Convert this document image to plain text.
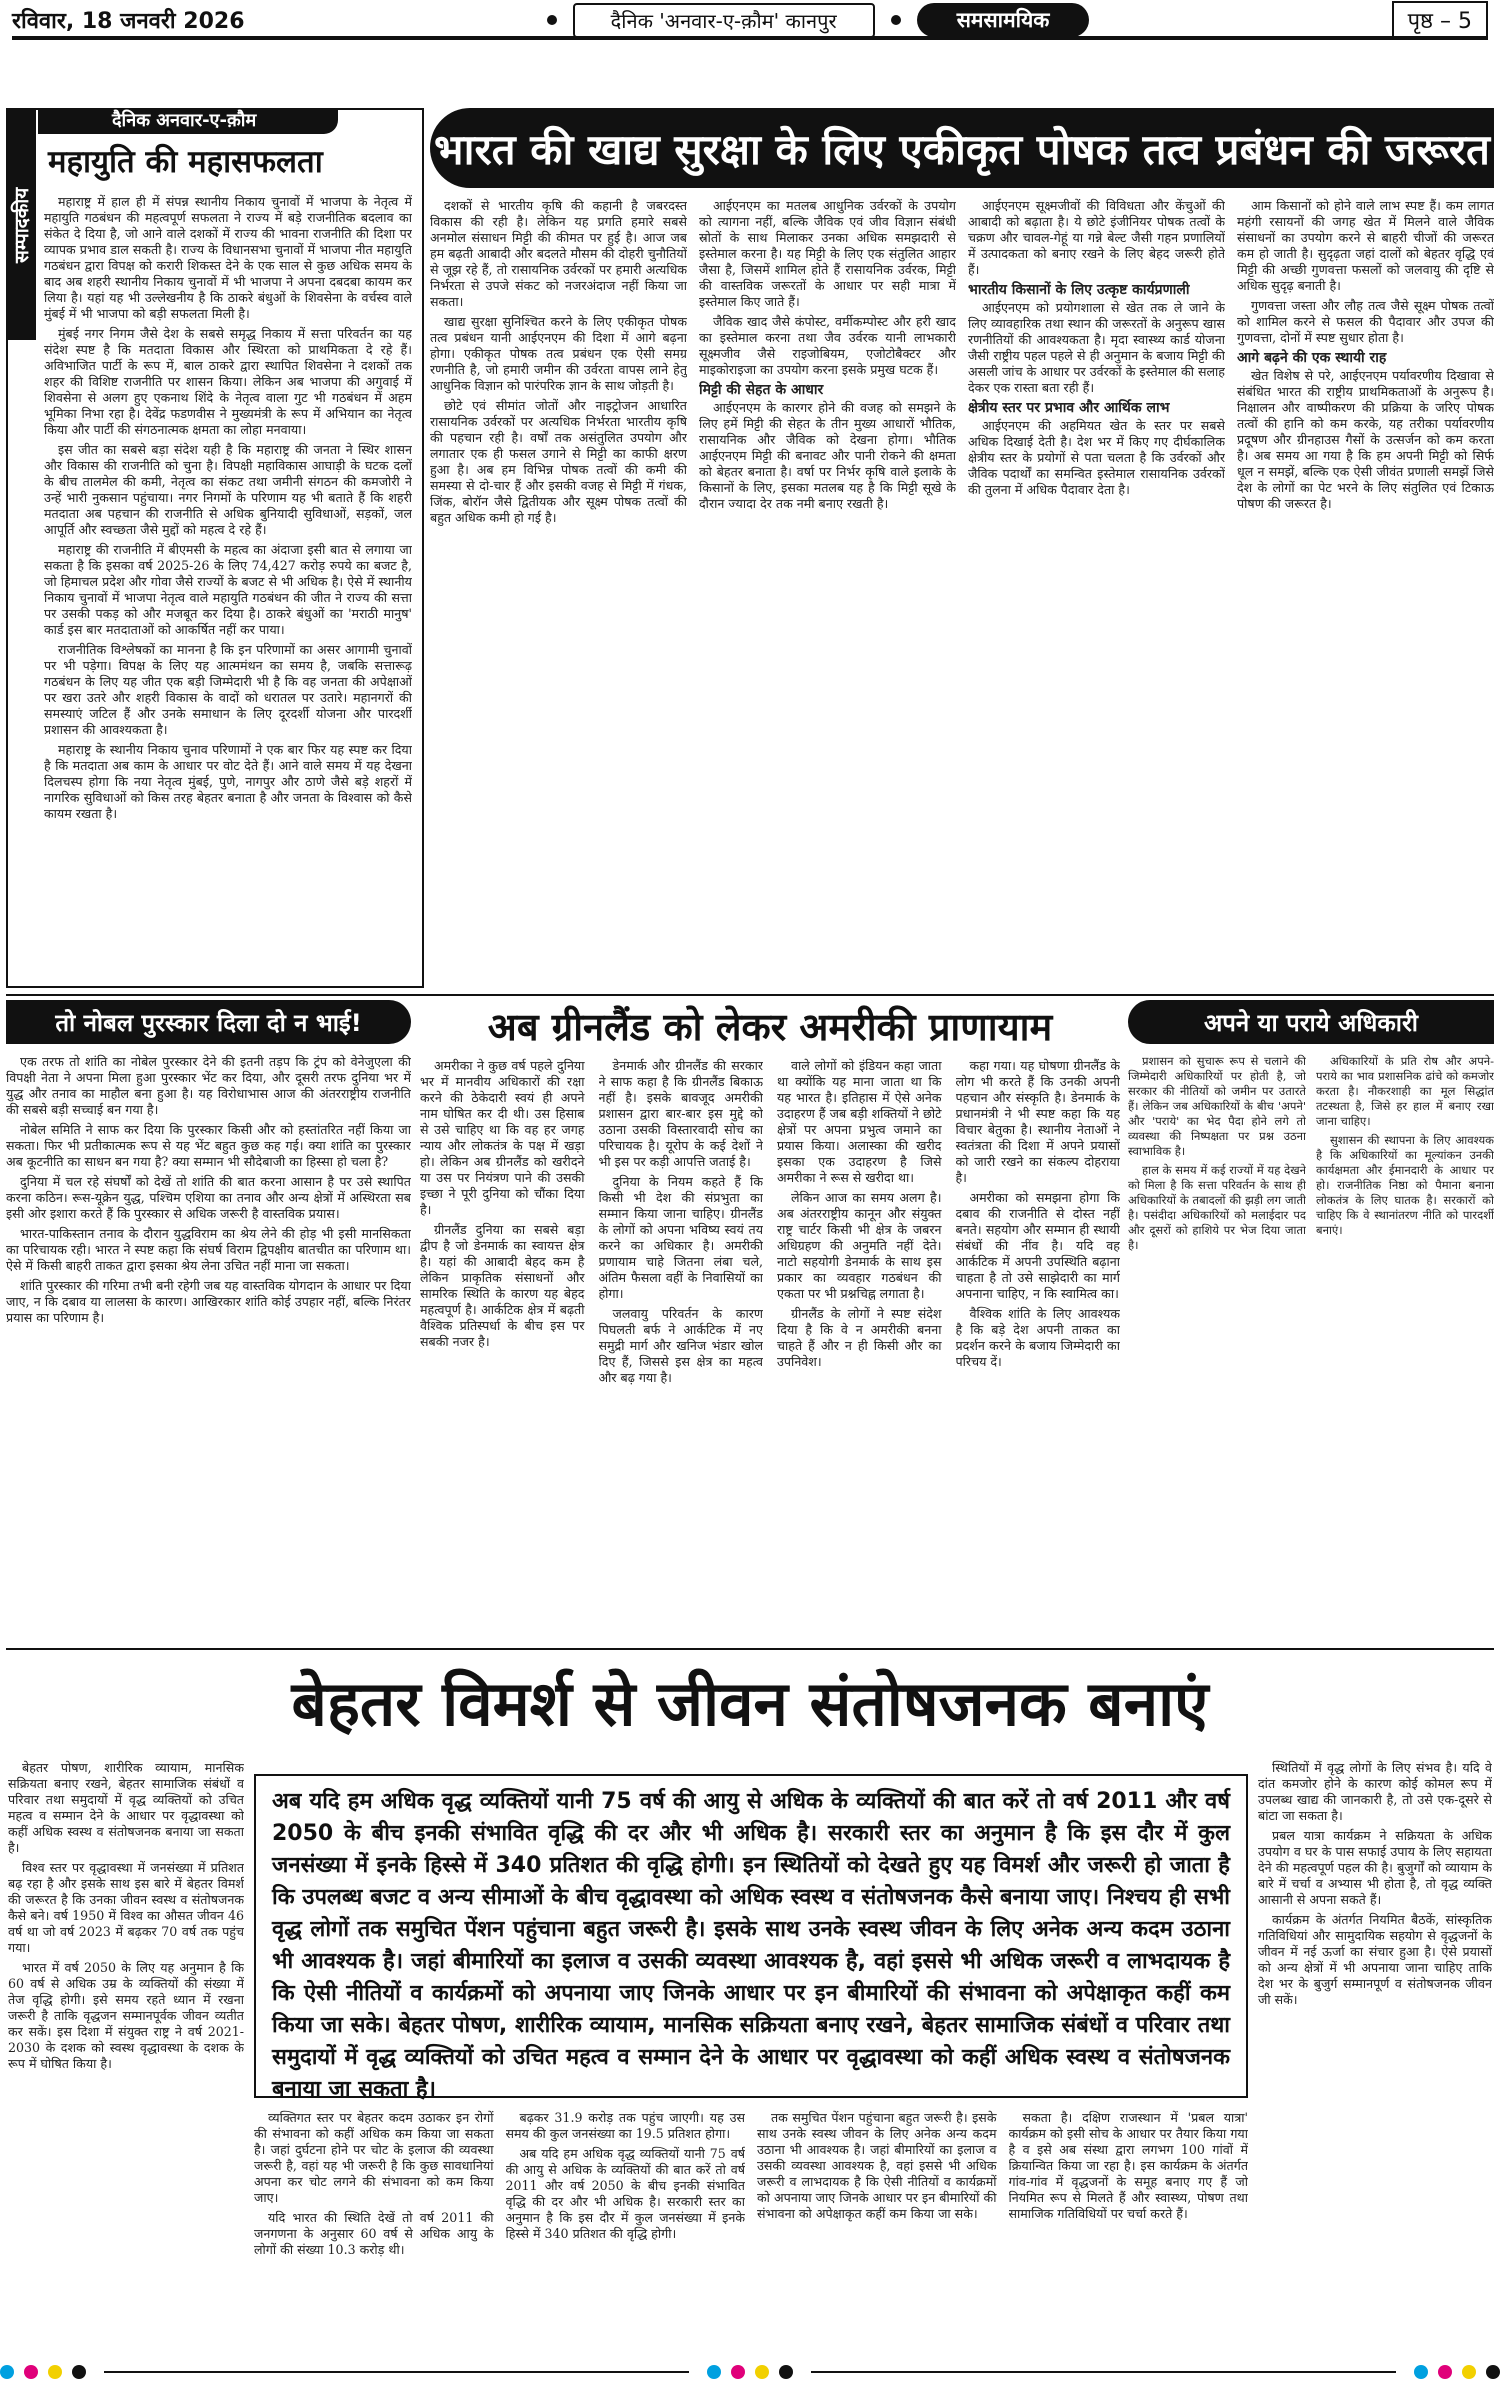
रविवार, 18 जनवरी 2026	दैनिक 'अनवार-ए-क़ौम' कानपुर	समसामयिक	पृष्ठ – 5
सम्पादकीय
दैनिक अनवार-ए-क़ौम
महायुति की महासफलता

महाराष्ट्र में हाल ही में संपन्न स्थानीय निकाय चुनावों में भाजपा के नेतृत्व में महायुति गठबंधन की महत्वपूर्ण सफलता ने राज्य में बड़े राजनीतिक बदलाव का संकेत दे दिया है, जो आने वाले दशकों में राज्य की भावना राजनीति की दिशा पर व्यापक प्रभाव डाल सकती है। राज्य के विधानसभा चुनावों में भाजपा नीत महायुति गठबंधन द्वारा विपक्ष को करारी शिकस्त देने के एक साल से कुछ अधिक समय के बाद अब शहरी स्थानीय निकाय चुनावों में भी भाजपा ने अपना दबदबा कायम कर लिया है। यहां यह भी उल्लेखनीय है कि ठाकरे बंधुओं के शिवसेना के वर्चस्व वाले मुंबई में भी भाजपा को बड़ी सफलता मिली है।

मुंबई नगर निगम जैसे देश के सबसे समृद्ध निकाय में सत्ता परिवर्तन का यह संदेश स्पष्ट है कि मतदाता विकास और स्थिरता को प्राथमिकता दे रहे हैं। अविभाजित पार्टी के रूप में, बाल ठाकरे द्वारा स्थापित शिवसेना ने दशकों तक शहर की विशिष्ट राजनीति पर शासन किया। लेकिन अब भाजपा की अगुवाई में शिवसेना से अलग हुए एकनाथ शिंदे के नेतृत्व वाला गुट भी गठबंधन में अहम भूमिका निभा रहा है। देवेंद्र फडणवीस ने मुख्यमंत्री के रूप में अभियान का नेतृत्व किया और पार्टी की संगठनात्मक क्षमता का लोहा मनवाया।

इस जीत का सबसे बड़ा संदेश यही है कि महाराष्ट्र की जनता ने स्थिर शासन और विकास की राजनीति को चुना है। विपक्षी महाविकास आघाड़ी के घटक दलों के बीच तालमेल की कमी, नेतृत्व का संकट तथा जमीनी संगठन की कमजोरी ने उन्हें भारी नुकसान पहुंचाया। नगर निगमों के परिणाम यह भी बताते हैं कि शहरी मतदाता अब पहचान की राजनीति से अधिक बुनियादी सुविधाओं, सड़कों, जल आपूर्ति और स्वच्छता जैसे मुद्दों को महत्व दे रहे हैं।

महाराष्ट्र की राजनीति में बीएमसी के महत्व का अंदाजा इसी बात से लगाया जा सकता है कि इसका वर्ष 2025-26 के लिए 74,427 करोड़ रुपये का बजट है, जो हिमाचल प्रदेश और गोवा जैसे राज्यों के बजट से भी अधिक है। ऐसे में स्थानीय निकाय चुनावों में भाजपा नेतृत्व वाले महायुति गठबंधन की जीत ने राज्य की सत्ता पर उसकी पकड़ को और मजबूत कर दिया है। ठाकरे बंधुओं का 'मराठी मानुष' कार्ड इस बार मतदाताओं को आकर्षित नहीं कर पाया।

राजनीतिक विश्लेषकों का मानना है कि इन परिणामों का असर आगामी चुनावों पर भी पड़ेगा। विपक्ष के लिए यह आत्ममंथन का समय है, जबकि सत्तारूढ़ गठबंधन के लिए यह जीत एक बड़ी जिम्मेदारी भी है कि वह जनता की अपेक्षाओं पर खरा उतरे और शहरी विकास के वादों को धरातल पर उतारे। महानगरों की समस्याएं जटिल हैं और उनके समाधान के लिए दूरदर्शी योजना और पारदर्शी प्रशासन की आवश्यकता है।

महाराष्ट्र के स्थानीय निकाय चुनाव परिणामों ने एक बार फिर यह स्पष्ट कर दिया है कि मतदाता अब काम के आधार पर वोट देते हैं। आने वाले समय में यह देखना दिलचस्प होगा कि नया नेतृत्व मुंबई, पुणे, नागपुर और ठाणे जैसे बड़े शहरों में नागरिक सुविधाओं को किस तरह बेहतर बनाता है और जनता के विश्वास को कैसे कायम रखता है।

भारत की खाद्य सुरक्षा के लिए एकीकृत पोषक तत्व प्रबंधन की जरूरत

दशकों से भारतीय कृषि की कहानी है जबरदस्त विकास की रही है। लेकिन यह प्रगति हमारे सबसे अनमोल संसाधन मिट्टी की कीमत पर हुई है। आज जब हम बढ़ती आबादी और बदलते मौसम की दोहरी चुनौतियों से जूझ रहे हैं, तो रासायनिक उर्वरकों पर हमारी अत्यधिक निर्भरता से उपजे संकट को नजरअंदाज नहीं किया जा सकता।

खाद्य सुरक्षा सुनिश्चित करने के लिए एकीकृत पोषक तत्व प्रबंधन यानी आईएनएम की दिशा में आगे बढ़ना होगा। एकीकृत पोषक तत्व प्रबंधन एक ऐसी समग्र रणनीति है, जो हमारी जमीन की उर्वरता वापस लाने हेतु आधुनिक विज्ञान को पारंपरिक ज्ञान के साथ जोड़ती है।

छोटे एवं सीमांत जोतों और नाइट्रोजन आधारित रासायनिक उर्वरकों पर अत्यधिक निर्भरता भारतीय कृषि की पहचान रही है। वर्षों तक असंतुलित उपयोग और लगातार एक ही फसल उगाने से मिट्टी का काफी क्षरण हुआ है। अब हम विभिन्न पोषक तत्वों की कमी की समस्या से दो-चार हैं और इसकी वजह से मिट्टी में गंधक, जिंक, बोरॉन जैसे द्वितीयक और सूक्ष्म पोषक तत्वों की बहुत अधिक कमी हो गई है।

आईएनएम का मतलब आधुनिक उर्वरकों के उपयोग को त्यागना नहीं, बल्कि जैविक एवं जीव विज्ञान संबंधी स्रोतों के साथ मिलाकर उनका अधिक समझदारी से इस्तेमाल करना है। यह मिट्टी के लिए एक संतुलित आहार जैसा है, जिसमें शामिल होते हैं रासायनिक उर्वरक, मिट्टी की वास्तविक जरूरतों के आधार पर सही मात्रा में इस्तेमाल किए जाते हैं।

जैविक खाद जैसे कंपोस्ट, वर्मीकम्पोस्ट और हरी खाद का इस्तेमाल करना तथा जैव उर्वरक यानी लाभकारी सूक्ष्मजीव जैसे राइजोबियम, एजोटोबैक्टर और माइकोराइजा का उपयोग करना इसके प्रमुख घटक हैं।

मिट्टी की सेहत के आधार

आईएनएम के कारगर होने की वजह को समझने के लिए हमें मिट्टी की सेहत के तीन मुख्य आधारों भौतिक, रासायनिक और जैविक को देखना होगा। भौतिक आईएनएम मिट्टी की बनावट और पानी रोकने की क्षमता को बेहतर बनाता है। वर्षा पर निर्भर कृषि वाले इलाके के किसानों के लिए, इसका मतलब यह है कि मिट्टी सूखे के दौरान ज्यादा देर तक नमी बनाए रखती है।

आईएनएम सूक्ष्मजीवों की विविधता और केंचुओं की आबादी को बढ़ाता है। ये छोटे इंजीनियर पोषक तत्वों के चक्रण और चावल-गेहूं या गन्ने बेल्ट जैसी गहन प्रणालियों में उत्पादकता को बनाए रखने के लिए बेहद जरूरी होते हैं।

भारतीय किसानों के लिए उत्कृष्ट कार्यप्रणाली

आईएनएम को प्रयोगशाला से खेत तक ले जाने के लिए व्यावहारिक तथा स्थान की जरूरतों के अनुरूप खास रणनीतियों की आवश्यकता है। मृदा स्वास्थ्य कार्ड योजना जैसी राष्ट्रीय पहल पहले से ही अनुमान के बजाय मिट्टी की असली जांच के आधार पर उर्वरकों के इस्तेमाल की सलाह देकर एक रास्ता बता रही हैं।

क्षेत्रीय स्तर पर प्रभाव और आर्थिक लाभ

आईएनएम की अहमियत खेत के स्तर पर सबसे अधिक दिखाई देती है। देश भर में किए गए दीर्घकालिक क्षेत्रीय स्तर के प्रयोगों से पता चलता है कि उर्वरकों और जैविक पदार्थों का समन्वित इस्तेमाल रासायनिक उर्वरकों की तुलना में अधिक पैदावार देता है।

आम किसानों को होने वाले लाभ स्पष्ट हैं। कम लागत महंगी रसायनों की जगह खेत में मिलने वाले जैविक संसाधनों का उपयोग करने से बाहरी चीजों की जरूरत कम हो जाती है। सुदृढ़ता जहां दालों को बेहतर वृद्धि एवं मिट्टी की अच्छी गुणवत्ता फसलों को जलवायु की दृष्टि से अधिक सुदृढ़ बनाती है।

गुणवत्ता जस्ता और लौह तत्व जैसे सूक्ष्म पोषक तत्वों को शामिल करने से फसल की पैदावार और उपज की गुणवत्ता, दोनों में स्पष्ट सुधार होता है।

आगे बढ़ने की एक स्थायी राह

खेत विशेष से परे, आईएनएम पर्यावरणीय दिखावा से संबंधित भारत की राष्ट्रीय प्राथमिकताओं के अनुरूप है। निक्षालन और वाष्पीकरण की प्रक्रिया के जरिए पोषक तत्वों की हानि को कम करके, यह तरीका पर्यावरणीय प्रदूषण और ग्रीनहाउस गैसों के उत्सर्जन को कम करता है। अब समय आ गया है कि हम अपनी मिट्टी को सिर्फ धूल न समझें, बल्कि एक ऐसी जीवंत प्रणाली समझें जिसे देश के लोगों का पेट भरने के लिए संतुलित एवं टिकाऊ पोषण की जरूरत है।

तो नोबल पुरस्कार दिला दो न भाई!

एक तरफ तो शांति का नोबेल पुरस्कार देने की इतनी तड़प कि ट्रंप को वेनेजुएला की विपक्षी नेता ने अपना मिला हुआ पुरस्कार भेंट कर दिया, और दूसरी तरफ दुनिया भर में युद्ध और तनाव का माहौल बना हुआ है। यह विरोधाभास आज की अंतरराष्ट्रीय राजनीति की सबसे बड़ी सच्चाई बन गया है।

नोबेल समिति ने साफ कर दिया कि पुरस्कार किसी और को हस्तांतरित नहीं किया जा सकता। फिर भी प्रतीकात्मक रूप से यह भेंट बहुत कुछ कह गई। क्या शांति का पुरस्कार अब कूटनीति का साधन बन गया है? क्या सम्मान भी सौदेबाजी का हिस्सा हो चला है?

दुनिया में चल रहे संघर्षों को देखें तो शांति की बात करना आसान है पर उसे स्थापित करना कठिन। रूस-यूक्रेन युद्ध, पश्चिम एशिया का तनाव और अन्य क्षेत्रों में अस्थिरता सब इसी ओर इशारा करते हैं कि पुरस्कार से अधिक जरूरी है वास्तविक प्रयास।

भारत-पाकिस्तान तनाव के दौरान युद्धविराम का श्रेय लेने की होड़ भी इसी मानसिकता का परिचायक रही। भारत ने स्पष्ट कहा कि संघर्ष विराम द्विपक्षीय बातचीत का परिणाम था। ऐसे में किसी बाहरी ताकत द्वारा इसका श्रेय लेना उचित नहीं माना जा सकता।

शांति पुरस्कार की गरिमा तभी बनी रहेगी जब यह वास्तविक योगदान के आधार पर दिया जाए, न कि दबाव या लालसा के कारण। आखिरकार शांति कोई उपहार नहीं, बल्कि निरंतर प्रयास का परिणाम है।

अब ग्रीनलैंड को लेकर अमरीकी प्राणायाम

अमरीका ने कुछ वर्ष पहले दुनिया भर में मानवीय अधिकारों की रक्षा करने की ठेकेदारी स्वयं ही अपने नाम घोषित कर दी थी। उस हिसाब से उसे चाहिए था कि वह हर जगह न्याय और लोकतंत्र के पक्ष में खड़ा हो। लेकिन अब ग्रीनलैंड को खरीदने या उस पर नियंत्रण पाने की उसकी इच्छा ने पूरी दुनिया को चौंका दिया है।

ग्रीनलैंड दुनिया का सबसे बड़ा द्वीप है जो डेनमार्क का स्वायत्त क्षेत्र है। यहां की आबादी बेहद कम है लेकिन प्राकृतिक संसाधनों और सामरिक स्थिति के कारण यह बेहद महत्वपूर्ण है। आर्कटिक क्षेत्र में बढ़ती वैश्विक प्रतिस्पर्धा के बीच इस पर सबकी नजर है।

डेनमार्क और ग्रीनलैंड की सरकार ने साफ कहा है कि ग्रीनलैंड बिकाऊ नहीं है। इसके बावजूद अमरीकी प्रशासन द्वारा बार-बार इस मुद्दे को उठाना उसकी विस्तारवादी सोच का परिचायक है। यूरोप के कई देशों ने भी इस पर कड़ी आपत्ति जताई है।

दुनिया के नियम कहते हैं कि किसी भी देश की संप्रभुता का सम्मान किया जाना चाहिए। ग्रीनलैंड के लोगों को अपना भविष्य स्वयं तय करने का अधिकार है। अमरीकी प्रणायाम चाहे जितना लंबा चले, अंतिम फैसला वहीं के निवासियों का होगा।

जलवायु परिवर्तन के कारण पिघलती बर्फ ने आर्कटिक में नए समुद्री मार्ग और खनिज भंडार खोल दिए हैं, जिससे इस क्षेत्र का महत्व और बढ़ गया है।

वाले लोगों को इंडियन कहा जाता था क्योंकि यह माना जाता था कि यह भारत है। इतिहास में ऐसे अनेक उदाहरण हैं जब बड़ी शक्तियों ने छोटे क्षेत्रों पर अपना प्रभुत्व जमाने का प्रयास किया। अलास्का की खरीद इसका एक उदाहरण है जिसे अमरीका ने रूस से खरीदा था।

लेकिन आज का समय अलग है। अब अंतरराष्ट्रीय कानून और संयुक्त राष्ट्र चार्टर किसी भी क्षेत्र के जबरन अधिग्रहण की अनुमति नहीं देते। नाटो सहयोगी डेनमार्क के साथ इस प्रकार का व्यवहार गठबंधन की एकता पर भी प्रश्नचिह्न लगाता है।

ग्रीनलैंड के लोगों ने स्पष्ट संदेश दिया है कि वे न अमरीकी बनना चाहते हैं और न ही किसी और का उपनिवेश।

कहा गया। यह घोषणा ग्रीनलैंड के लोग भी करते हैं कि उनकी अपनी पहचान और संस्कृति है। डेनमार्क के प्रधानमंत्री ने भी स्पष्ट कहा कि यह विचार बेतुका है। स्थानीय नेताओं ने स्वतंत्रता की दिशा में अपने प्रयासों को जारी रखने का संकल्प दोहराया है।

अमरीका को समझना होगा कि दबाव की राजनीति से दोस्त नहीं बनते। सहयोग और सम्मान ही स्थायी संबंधों की नींव है। यदि वह आर्कटिक में अपनी उपस्थिति बढ़ाना चाहता है तो उसे साझेदारी का मार्ग अपनाना चाहिए, न कि स्वामित्व का।

वैश्विक शांति के लिए आवश्यक है कि बड़े देश अपनी ताकत का प्रदर्शन करने के बजाय जिम्मेदारी का परिचय दें।

अपने या पराये अधिकारी

प्रशासन को सुचारू रूप से चलाने की जिम्मेदारी अधिकारियों पर होती है, जो सरकार की नीतियों को जमीन पर उतारते हैं। लेकिन जब अधिकारियों के बीच 'अपने' और 'पराये' का भेद पैदा होने लगे तो व्यवस्था की निष्पक्षता पर प्रश्न उठना स्वाभाविक है।

हाल के समय में कई राज्यों में यह देखने को मिला है कि सत्ता परिवर्तन के साथ ही अधिकारियों के तबादलों की झड़ी लग जाती है। पसंदीदा अधिकारियों को मलाईदार पद और दूसरों को हाशिये पर भेज दिया जाता है।

अधिकारियों के प्रति रोष और अपने-पराये का भाव प्रशासनिक ढांचे को कमजोर करता है। नौकरशाही का मूल सिद्धांत तटस्थता है, जिसे हर हाल में बनाए रखा जाना चाहिए।

सुशासन की स्थापना के लिए आवश्यक है कि अधिकारियों का मूल्यांकन उनकी कार्यक्षमता और ईमानदारी के आधार पर हो। राजनीतिक निष्ठा को पैमाना बनाना लोकतंत्र के लिए घातक है। सरकारों को चाहिए कि वे स्थानांतरण नीति को पारदर्शी बनाएं।

बेहतर विमर्श से जीवन संतोषजनक बनाएं

बेहतर पोषण, शारीरिक व्यायाम, मानसिक सक्रियता बनाए रखने, बेहतर सामाजिक संबंधों व परिवार तथा समुदायों में वृद्ध व्यक्तियों को उचित महत्व व सम्मान देने के आधार पर वृद्धावस्था को कहीं अधिक स्वस्थ व संतोषजनक बनाया जा सकता है।

विश्व स्तर पर वृद्धावस्था में जनसंख्या में प्रतिशत बढ़ रहा है और इसके साथ इस बारे में बेहतर विमर्श की जरूरत है कि उनका जीवन स्वस्थ व संतोषजनक कैसे बने। वर्ष 1950 में विश्व का औसत जीवन 46 वर्ष था जो वर्ष 2023 में बढ़कर 70 वर्ष तक पहुंच गया।

भारत में वर्ष 2050 के लिए यह अनुमान है कि 60 वर्ष से अधिक उम्र के व्यक्तियों की संख्या में तेज वृद्धि होगी। इसे समय रहते ध्यान में रखना जरूरी है ताकि वृद्धजन सम्मानपूर्वक जीवन व्यतीत कर सकें। इस दिशा में संयुक्त राष्ट्र ने वर्ष 2021-2030 के दशक को स्वस्थ वृद्धावस्था के दशक के रूप में घोषित किया है।

अब यदि हम अधिक वृद्ध व्यक्तियों यानी 75 वर्ष की आयु से अधिक के व्यक्तियों की बात करें तो वर्ष 2011 और वर्ष 2050 के बीच इनकी संभावित वृद्धि की दर और भी अधिक है। सरकारी स्तर का अनुमान है कि इस दौर में कुल जनसंख्या में इनके हिस्से में 340 प्रतिशत की वृद्धि होगी। इन स्थितियों को देखते हुए यह विमर्श और जरूरी हो जाता है कि उपलब्ध बजट व अन्य सीमाओं के बीच वृद्धावस्था को अधिक स्वस्थ व संतोषजनक कैसे बनाया जाए। निश्चय ही सभी वृद्ध लोगों तक समुचित पेंशन पहुंचाना बहुत जरूरी है। इसके साथ उनके स्वस्थ जीवन के लिए अनेक अन्य कदम उठाना भी आवश्यक है। जहां बीमारियों का इलाज व उसकी व्यवस्था आवश्यक है, वहां इससे भी अधिक जरूरी व लाभदायक है कि ऐसी नीतियों व कार्यक्रमों को अपनाया जाए जिनके आधार पर इन बीमारियों की संभावना को अपेक्षाकृत कहीं कम किया जा सके। बेहतर पोषण, शारीरिक व्यायाम, मानसिक सक्रियता बनाए रखने, बेहतर सामाजिक संबंधों व परिवार तथा समुदायों में वृद्ध व्यक्तियों को उचित महत्व व सम्मान देने के आधार पर वृद्धावस्था को कहीं अधिक स्वस्थ व संतोषजनक बनाया जा सकता है।

व्यक्तिगत स्तर पर बेहतर कदम उठाकर इन रोगों की संभावना को कहीं अधिक कम किया जा सकता है। जहां दुर्घटना होने पर चोट के इलाज की व्यवस्था जरूरी है, वहां यह भी जरूरी है कि कुछ सावधानियां अपना कर चोट लगने की संभावना को कम किया जाए।

यदि भारत की स्थिति देखें तो वर्ष 2011 की जनगणना के अनुसार 60 वर्ष से अधिक आयु के लोगों की संख्या 10.3 करोड़ थी।

बढ़कर 31.9 करोड़ तक पहुंच जाएगी। यह उस समय की कुल जनसंख्या का 19.5 प्रतिशत होगा।

अब यदि हम अधिक वृद्ध व्यक्तियों यानी 75 वर्ष की आयु से अधिक के व्यक्तियों की बात करें तो वर्ष 2011 और वर्ष 2050 के बीच इनकी संभावित वृद्धि की दर और भी अधिक है। सरकारी स्तर का अनुमान है कि इस दौर में कुल जनसंख्या में इनके हिस्से में 340 प्रतिशत की वृद्धि होगी।

तक समुचित पेंशन पहुंचाना बहुत जरूरी है। इसके साथ उनके स्वस्थ जीवन के लिए अनेक अन्य कदम उठाना भी आवश्यक है। जहां बीमारियों का इलाज व उसकी व्यवस्था आवश्यक है, वहां इससे भी अधिक जरूरी व लाभदायक है कि ऐसी नीतियों व कार्यक्रमों को अपनाया जाए जिनके आधार पर इन बीमारियों की संभावना को अपेक्षाकृत कहीं कम किया जा सके।

सकता है। दक्षिण राजस्थान में 'प्रबल यात्रा' कार्यक्रम को इसी सोच के आधार पर तैयार किया गया है व इसे अब संस्था द्वारा लगभग 100 गांवों में क्रियान्वित किया जा रहा है। इस कार्यक्रम के अंतर्गत गांव-गांव में वृद्धजनों के समूह बनाए गए हैं जो नियमित रूप से मिलते हैं और स्वास्थ्य, पोषण तथा सामाजिक गतिविधियों पर चर्चा करते हैं।

स्थितियों में वृद्ध लोगों के लिए संभव है। यदि वे दांत कमजोर होने के कारण कोई कोमल रूप में उपलब्ध खाद्य की जानकारी है, तो उसे एक-दूसरे से बांटा जा सकता है।

प्रबल यात्रा कार्यक्रम ने सक्रियता के अधिक उपयोग व घर के पास सफाई उपाय के लिए सहायता देने की महत्वपूर्ण पहल की है। बुजुर्गों को व्यायाम के बारे में चर्चा व अभ्यास भी होता है, तो वृद्ध व्यक्ति आसानी से अपना सकते हैं।

कार्यक्रम के अंतर्गत नियमित बैठकें, सांस्कृतिक गतिविधियां और सामुदायिक सहयोग से वृद्धजनों के जीवन में नई ऊर्जा का संचार हुआ है। ऐसे प्रयासों को अन्य क्षेत्रों में भी अपनाया जाना चाहिए ताकि देश भर के बुजुर्ग सम्मानपूर्ण व संतोषजनक जीवन जी सकें।
